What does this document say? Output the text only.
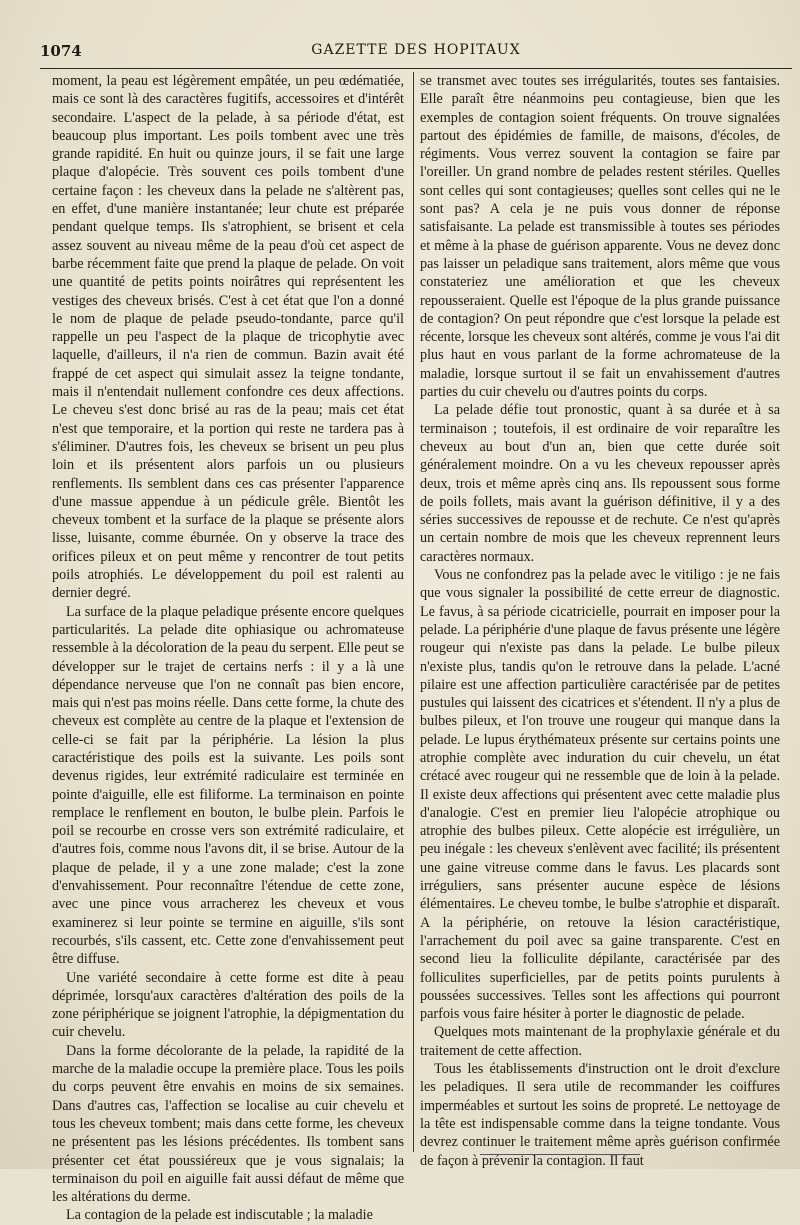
1074	GAZETTE DES HOPITAUX

moment, la peau est légèrement empâtée, un peu œdématiée, mais ce sont là des caractères fugitifs, accessoires et d'intérêt secondaire. L'aspect de la pelade, à sa période d'état, est beaucoup plus important. Les poils tombent avec une très grande rapidité. En huit ou quinze jours, il se fait une large plaque d'alopécie. Très souvent ces poils tombent d'une certaine façon : les cheveux dans la pelade ne s'altèrent pas, en effet, d'une manière instantanée; leur chute est préparée pendant quelque temps. Ils s'atrophient, se brisent et cela assez souvent au niveau même de la peau d'où cet aspect de barbe récemment faite que prend la plaque de pelade. On voit une quantité de petits points noirâtres qui représentent les vestiges des cheveux brisés. C'est à cet état que l'on a donné le nom de plaque de pelade pseudo-tondante, parce qu'il rappelle un peu l'aspect de la plaque de tricophytie avec laquelle, d'ailleurs, il n'a rien de commun. Bazin avait été frappé de cet aspect qui simulait assez la teigne tondante, mais il n'entendait nullement confondre ces deux affections. Le cheveu s'est donc brisé au ras de la peau; mais cet état n'est que temporaire, et la portion qui reste ne tardera pas à s'éliminer. D'autres fois, les cheveux se brisent un peu plus loin et ils présentent alors parfois un ou plusieurs renflements. Ils semblent dans ces cas présenter l'apparence d'une massue appendue à un pédicule grêle. Bientôt les cheveux tombent et la surface de la plaque se présente alors lisse, luisante, comme éburnée. On y observe la trace des orifices pileux et on peut même y rencontrer de tout petits poils atrophiés. Le développement du poil est ralenti au dernier degré.

La surface de la plaque peladique présente encore quelques particularités. La pelade dite ophiasique ou achromateuse ressemble à la décoloration de la peau du serpent. Elle peut se développer sur le trajet de certains nerfs : il y a là une dépendance nerveuse que l'on ne connaît pas bien encore, mais qui n'est pas moins réelle. Dans cette forme, la chute des cheveux est complète au centre de la plaque et l'extension de celle-ci se fait par la périphérie. La lésion la plus caractéristique des poils est la suivante. Les poils sont devenus rigides, leur extrémité radiculaire est terminée en pointe d'aiguille, elle est filiforme. La terminaison en pointe remplace le renflement en bouton, le bulbe plein. Parfois le poil se recourbe en crosse vers son extrémité radiculaire, et d'autres fois, comme nous l'avons dit, il se brise. Autour de la plaque de pelade, il y a une zone malade; c'est la zone d'envahissement. Pour reconnaître l'étendue de cette zone, avec une pince vous arracherez les cheveux et vous examinerez si leur pointe se termine en aiguille, s'ils sont recourbés, s'ils cassent, etc. Cette zone d'envahissement peut être diffuse.

Une variété secondaire à cette forme est dite à peau déprimée, lorsqu'aux caractères d'altération des poils de la zone périphérique se joignent l'atrophie, la dépigmentation du cuir chevelu.

Dans la forme décolorante de la pelade, la rapidité de la marche de la maladie occupe la première place. Tous les poils du corps peuvent être envahis en moins de six semaines. Dans d'autres cas, l'affection se localise au cuir chevelu et tous les cheveux tombent; mais dans cette forme, les cheveux ne présentent pas les lésions précédentes. Ils tombent sans présenter cet état poussiéreux que je vous signalais; la terminaison du poil en aiguille fait aussi défaut de même que les altérations du derme.

La contagion de la pelade est indiscutable ; la maladie

se transmet avec toutes ses irrégularités, toutes ses fantaisies. Elle paraît être néanmoins peu contagieuse, bien que les exemples de contagion soient fréquents. On trouve signalées partout des épidémies de famille, de maisons, d'écoles, de régiments. Vous verrez souvent la contagion se faire par l'oreiller. Un grand nombre de pelades restent stériles. Quelles sont celles qui sont contagieuses; quelles sont celles qui ne le sont pas? A cela je ne puis vous donner de réponse satisfaisante. La pelade est transmissible à toutes ses périodes et même à la phase de guérison apparente. Vous ne devez donc pas laisser un peladique sans traitement, alors même que vous constateriez une amélioration et que les cheveux repousseraient. Quelle est l'époque de la plus grande puissance de contagion? On peut répondre que c'est lorsque la pelade est récente, lorsque les cheveux sont altérés, comme je vous l'ai dit plus haut en vous parlant de la forme achromateuse de la maladie, lorsque surtout il se fait un envahissement d'autres parties du cuir chevelu ou d'autres points du corps.

La pelade défie tout pronostic, quant à sa durée et à sa terminaison ; toutefois, il est ordinaire de voir reparaître les cheveux au bout d'un an, bien que cette durée soit généralement moindre. On a vu les cheveux repousser après deux, trois et même après cinq ans. Ils repoussent sous forme de poils follets, mais avant la guérison définitive, il y a des séries successives de repousse et de rechute. Ce n'est qu'après un certain nombre de mois que les cheveux reprennent leurs caractères normaux.

Vous ne confondrez pas la pelade avec le vitiligo : je ne fais que vous signaler la possibilité de cette erreur de diagnostic. Le favus, à sa période cicatricielle, pourrait en imposer pour la pelade. La périphérie d'une plaque de favus présente une légère rougeur qui n'existe pas dans la pelade. Le bulbe pileux n'existe plus, tandis qu'on le retrouve dans la pelade. L'acné pilaire est une affection particulière caractérisée par de petites pustules qui laissent des cicatrices et s'étendent. Il n'y a plus de bulbes pileux, et l'on trouve une rougeur qui manque dans la pelade. Le lupus érythémateux présente sur certains points une atrophie complète avec induration du cuir chevelu, un état crétacé avec rougeur qui ne ressemble que de loin à la pelade. Il existe deux affections qui présentent avec cette maladie plus d'analogie. C'est en premier lieu l'alopécie atrophique ou atrophie des bulbes pileux. Cette alopécie est irrégulière, un peu inégale : les cheveux s'enlèvent avec facilité; ils présentent une gaine vitreuse comme dans le favus. Les placards sont irréguliers, sans présenter aucune espèce de lésions élémentaires. Le cheveu tombe, le bulbe s'atrophie et disparaît. A la périphérie, on retouve la lésion caractéristique, l'arrachement du poil avec sa gaine transparente. C'est en second lieu la folliculite dépilante, caractérisée par des folliculites superficielles, par de petits points purulents à poussées successives. Telles sont les affections qui pourront parfois vous faire hésiter à porter le diagnostic de pelade.

Quelques mots maintenant de la prophylaxie générale et du traitement de cette affection.

Tous les établissements d'instruction ont le droit d'exclure les peladiques. Il sera utile de recommander les coiffures imperméables et surtout les soins de propreté. Le nettoyage de la tête est indispensable comme dans la teigne tondante. Vous devrez continuer le traitement même après guérison confirmée de façon à prévenir la contagion. Il faut
